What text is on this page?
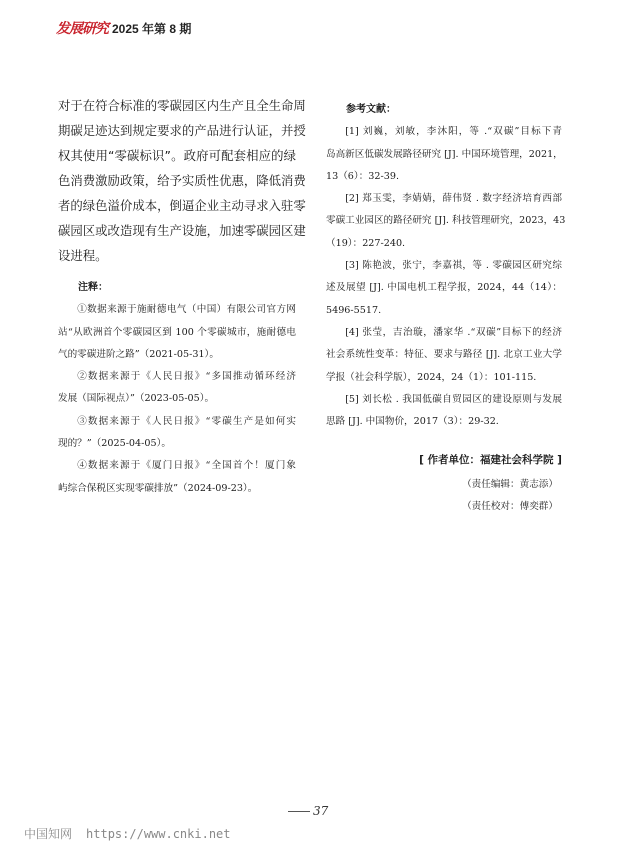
发展研究 2025 年第 8 期
对于在符合标准的零碳园区内生产且全生命周
期碳足迹达到规定要求的产品进行认证，并授
权其使用“零碳标识”。政府可配套相应的绿
色消费激励政策，给予实质性优惠，降低消费
者的绿色溢价成本，倒逼企业主动寻求入驻零
碳园区或改造现有生产设施，加速零碳园区建
设进程。
注释：
①数据来源于施耐德电气（中国）有限公司官方网
站“从欧洲首个零碳园区到 100 个零碳城市，施耐德电
气的零碳进阶之路”（2021-05-31）。
②数据来源于《人民日报》“多国推动循环经济
发展（国际视点）”（2023-05-05）。
③数据来源于《人民日报》“零碳生产是如何实
现的？”（2025-04-05）。
④数据来源于《厦门日报》“全国首个！厦门象
屿综合保税区实现零碳排放”（2024-09-23）。
参考文献：
[1] 刘巍，刘敏，李沐阳，等 .“双碳”目标下青
岛高新区低碳发展路径研究 [J]. 中国环境管理，2021，
13（6）：32-39.
[2] 郑玉雯，李婧婧，薛伟贤 . 数字经济培育西部
零碳工业园区的路径研究 [J]. 科技管理研究，2023，43
（19）：227-240.
[3] 陈艳波，张宁，李嘉祺，等 . 零碳园区研究综
述及展望 [J]. 中国电机工程学报，2024，44（14）：
5496-5517.
[4] 张莹，吉治璇，潘家华 .“双碳”目标下的经济
社会系统性变革：特征、要求与路径 [J]. 北京工业大学
学报（社会科学版），2024，24（1）：101-115.
[5] 刘长松 . 我国低碳自贸园区的建设原则与发展
思路 [J]. 中国物价，2017（3）：29-32.
[ 作者单位：福建社会科学院 ]
（责任编辑：黄志添）
（责任校对：傅奕群）
37
中国知网 https://www.cnki.net
